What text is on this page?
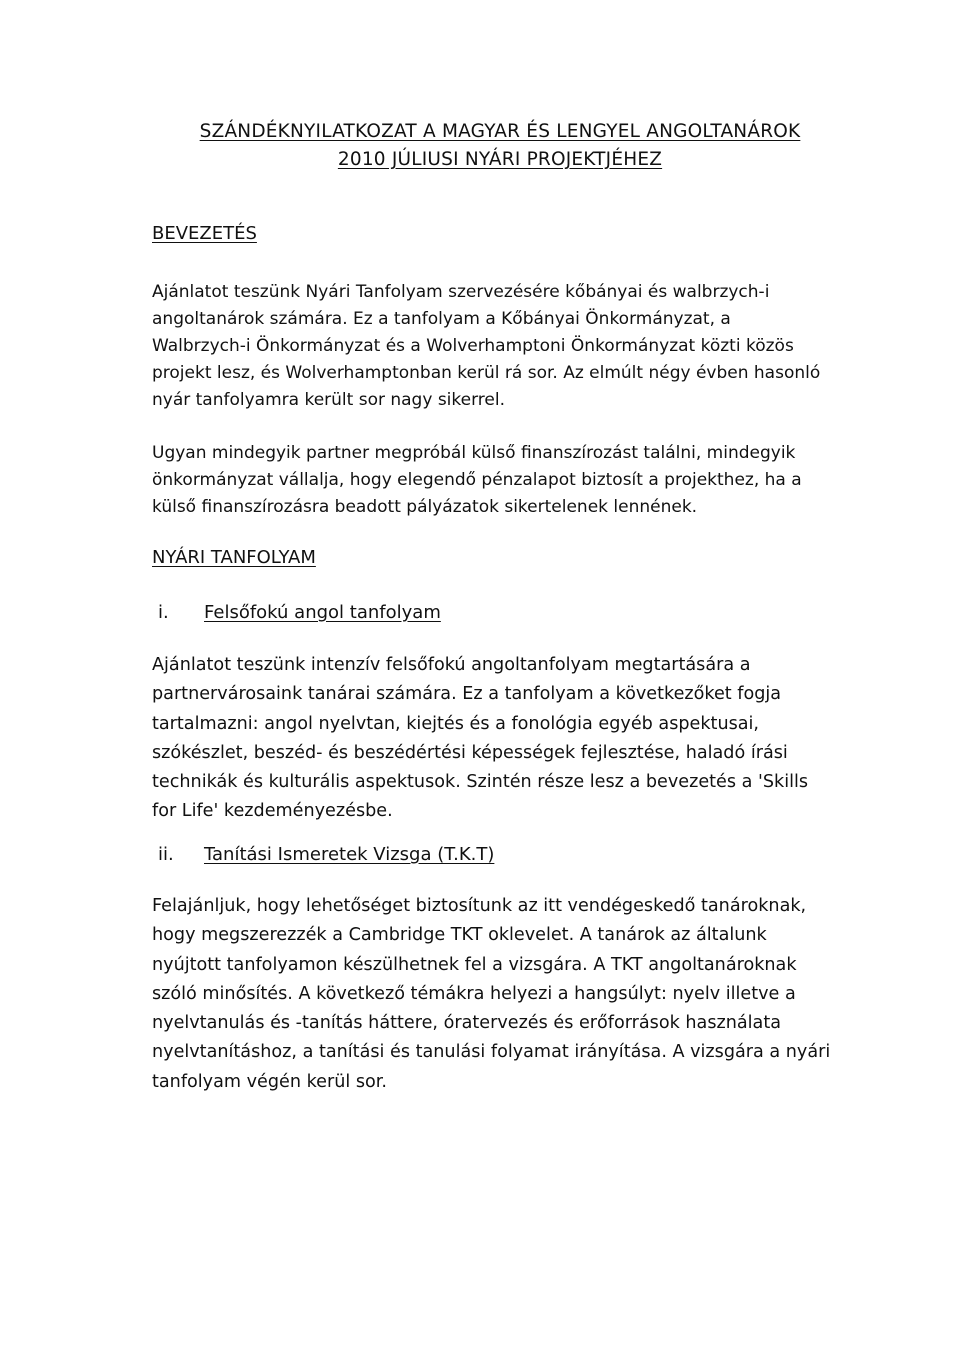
SZÁNDÉKNYILATKOZAT A MAGYAR ÉS LENGYEL ANGOLTANÁROK
2010 JÚLIUSI NYÁRI PROJEKTJÉHEZ
BEVEZETÉS
Ajánlatot teszünk Nyári Tanfolyam szervezésére kőbányai és walbrzych-i
angoltanárok számára. Ez a tanfolyam a Kőbányai Önkormányzat, a
Walbrzych-i Önkormányzat és a Wolverhamptoni Önkormányzat közti közös
projekt lesz, és Wolverhamptonban kerül rá sor. Az elmúlt négy évben hasonló
nyár tanfolyamra került sor nagy sikerrel.
Ugyan mindegyik partner megpróbál külső finanszírozást találni, mindegyik
önkormányzat vállalja, hogy elegendő pénzalapot biztosít a projekthez, ha a
külső finanszírozásra beadott pályázatok sikertelenek lennének.
NYÁRI TANFOLYAM
i. Felsőfokú angol tanfolyam
Ajánlatot teszünk intenzív felsőfokú angoltanfolyam megtartására a
partnervárosaink tanárai számára. Ez a tanfolyam a következőket fogja
tartalmazni: angol nyelvtan, kiejtés és a fonológia egyéb aspektusai,
szókészlet, beszéd- és beszédértési képességek fejlesztése, haladó írási
technikák és kulturális aspektusok. Szintén része lesz a bevezetés a 'Skills
for Life' kezdeményezésbe.
ii. Tanítási Ismeretek Vizsga (T.K.T)
Felajánljuk, hogy lehetőséget biztosítunk az itt vendégeskedő tanároknak,
hogy megszerezzék a Cambridge TKT oklevelet. A tanárok az általunk
nyújtott tanfolyamon készülhetnek fel a vizsgára. A TKT angoltanároknak
szóló minősítés. A következő témákra helyezi a hangsúlyt: nyelv illetve a
nyelvtanulás és -tanítás háttere, óratervezés és erőforrások használata
nyelvtanításhoz, a tanítási és tanulási folyamat irányítása. A vizsgára a nyári
tanfolyam végén kerül sor.
